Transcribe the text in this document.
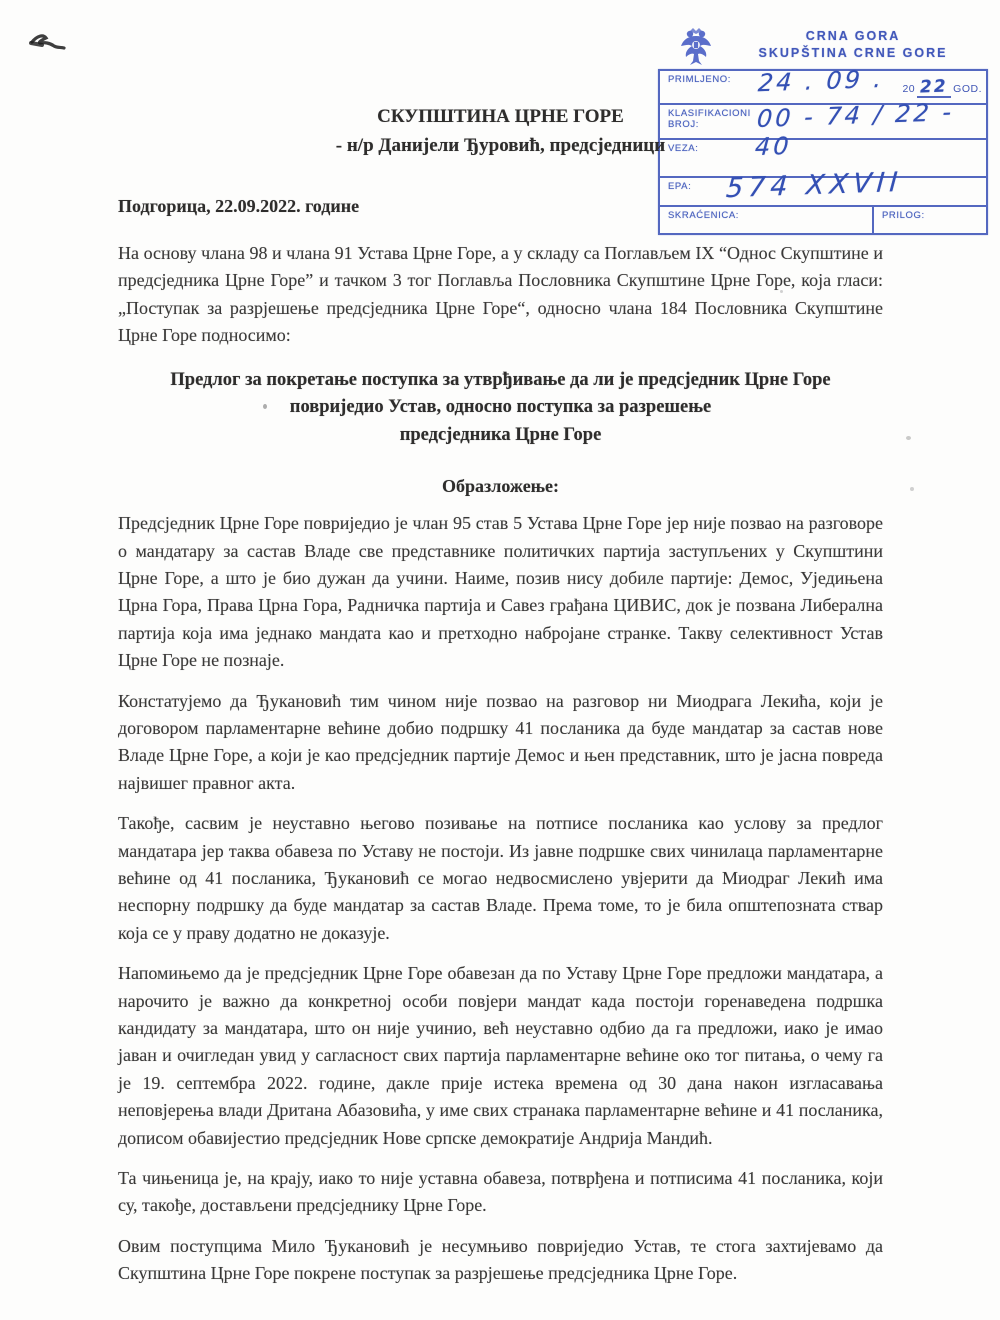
CRNA GORA
SKUPŠTINA CRNE GORE
PRIMLJENO: 24 . 09 . 20 22 GOD.
KLASIFIKACIONI BROJ:	00 - 74 / 22 - 40
VEZA:
EPA: 574 XXVII
SKRAĆENICA:	PRILOG:
СКУПШТИНА ЦРНЕ ГОРЕ
- н/р Данијели Ђуровић, предсједници
Подгорица, 22.09.2022. године

На основу члана 98 и члана 91 Устава Црне Горе, а у складу са Поглављем IX “Однос Скупштине и предсједника Црне Горе” и тачком 3 тог Поглавља Пословника Скупштине Црне Горе, која гласи: „Поступак за разрјешење предсједника Црне Горе“, односно члана 184 Пословника Скупштине Црне Горе подносимо:

Предлог за покретање поступка за утврђивање да ли је предсједник Црне Горе
повриједио Устав, односно поступка за разрешење
предсједника Црне Горе
Образложење:

Предсједник Црне Горе повриједио је члан 95 став 5 Устава Црне Горе јер није позвао на разговоре о мандатару за састав Владе све представнике политичких партија заступљених у Скупштини Црне Горе, а што је био дужан да учини. Наиме, позив нису добиле партије: Демос, Уједињена Црна Гора, Права Црна Гора, Радничка партија и Савез грађана ЦИВИС, док је позвана Либерална партија која има једнако мандата као и претходно набројане странке. Такву селективност Устав Црне Горе не познаје.

Констатујемо да Ђукановић тим чином није позвао на разговор ни Миодрага Лекића, који је договором парламентарне већине добио подршку 41 посланика да буде мандатар за састав нове Владе Црне Горе, а који је као предсједник партије Демос и њен представник, што је јасна повреда највишег правног акта.

Такође, сасвим је неуставно његово позивање на потписе посланика као услову за предлог мандатара јер таква обавеза по Уставу не постоји. Из јавне подршке свих чинилаца парламентарне већине од 41 посланика, Ђукановић се могао недвосмислено увјерити да Миодраг Лекић има неспорну подршку да буде мандатар за састав Владе. Према томе, то је била општепозната ствар која се у праву додатно не доказује.

Напомињемо да је предсједник Црне Горе обавезан да по Уставу Црне Горе предложи мандатара, а нарочито је важно да конкретној особи повјери мандат када постоји горенаведена подршка кандидату за мандатара, што он није учинио, већ неуставно одбио да га предложи, иако је имао јаван и очигледан увид у сагласност свих партија парламентарне већине око тог питања, о чему га је 19. септембра 2022. године, дакле прије истека времена од 30 дана након изгласавања неповјерења влади Дритана Абазовића, у име свих странака парламентарне већине и 41 посланика, дописом обавијестио предсједник Нове српске демократије Андрија Мандић.

Та чињеница је, на крају, иако то није уставна обавеза, потврђена и потписима 41 посланика, који су, такође, достављени предсједнику Црне Горе.

Овим поступцима Мило Ђукановић је несумњиво повриједио Устав, те стога захтијевамо да Скупштина Црне Горе покрене поступак за разрјешење предсједника Црне Горе.
